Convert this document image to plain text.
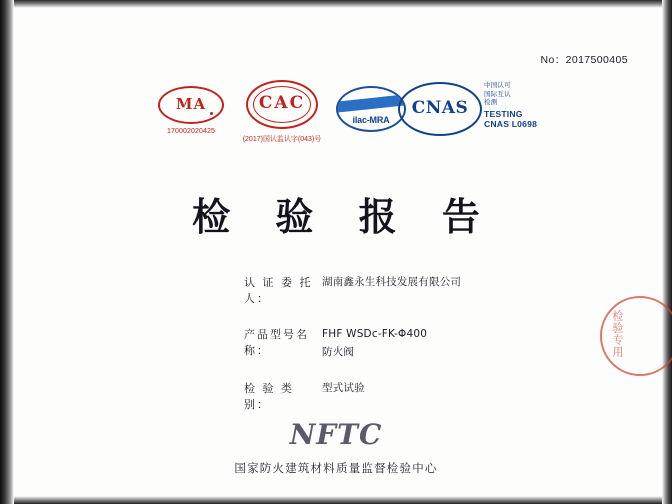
No：2017500405
MA
170002020425
CAC
(2017)国认监认字(043)号
ilac-MRA
CNAS
中国认可
国际互认
检测
TESTING
CNAS L0698
检 验 报 告
认 证 委 托 人：
湖南鑫永生科技发展有限公司
产品型号名称：
FHF WSDc-FK-Φ400
防火阀
检 验 类 别：
型式试验
检验专用
NFTC
国家防火建筑材料质量监督检验中心
